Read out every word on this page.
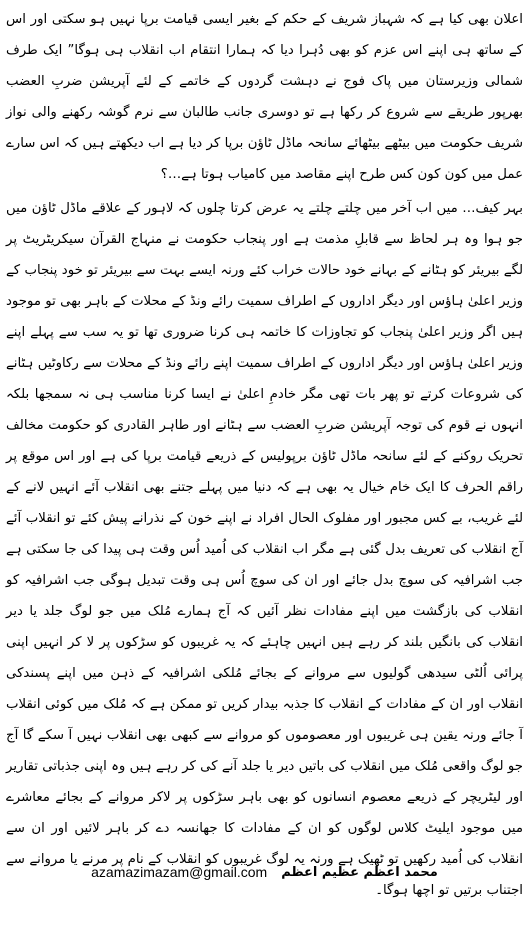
اعلان بھی کیا ہے کہ شہباز شریف کے حکم کے بغیر ایسی قیامت برپا نہیں ہو سکتی اور اس کے ساتھ ہی اپنے اس عزم کو بھی دُہرا دیا کہ ہمارا انتقام اب انقلاب ہی ہوگا” ایک طرف شمالی وزیرستان میں پاک فوج نے دہشت گردوں کے خاتمے کے لئے آپریشن ضربِ العضب بھرپور طریقے سے شروع کر رکھا ہے تو دوسری جانب طالبان سے نرم گوشہ رکھنے والی نواز شریف حکومت میں بیٹھے بیٹھائے سانحہ ماڈل ٹاؤن برپا کر دیا ہے اب دیکھتے ہیں کہ اس سارے عمل میں کون کون کس طرح اپنے مقاصد میں کامیاب ہوتا ہے…؟

بہر کیف… میں اب آخر میں چلتے چلتے یہ عرض کرتا چلوں کہ لاہور کے علاقے ماڈل ٹاؤن میں جو ہوا وہ ہر لحاظ سے قابلِ مذمت ہے اور پنجاب حکومت نے منہاج القرآن سیکریٹریٹ پر لگے بیریئر کو ہٹانے کے بہانے خود حالات خراب کئے ورنہ ایسے بہت سے بیریئر تو خود پنجاب کے وزیر اعلیٰ ہاؤس اور دیگر اداروں کے اطراف سمیت رائے ونڈ کے محلات کے باہر بھی تو موجود ہیں اگر وزیر اعلیٰ پنجاب کو تجاوزات کا خاتمہ ہی کرنا ضروری تھا تو یہ سب سے پہلے اپنے وزیر اعلیٰ ہاؤس اور دیگر اداروں کے اطراف سمیت اپنے رائے ونڈ کے محلات سے رکاوٹیں ہٹانے کی شروعات کرتے تو پھر بات تھی مگر خادمِ اعلیٰ نے ایسا کرنا مناسب ہی نہ سمجھا بلکہ انہوں نے قوم کی توجہ آپریشن ضربِ العضب سے ہٹانے اور طاہر القادری کو حکومت مخالف تحریک روکنے کے لئے سانحہ ماڈل ٹاؤن برپولیس کے ذریعے قیامت برپا کی ہے اور اس موقع پر راقم الحرف کا ایک خام خیال یہ بھی ہے کہ دنیا میں پہلے جتنے بھی انقلاب آئے انہیں لانے کے لئے غریب، بے کس مجبور اور مفلوک الحال افراد نے اپنے خون کے نذرانے پیش کئے تو انقلاب آئے آج انقلاب کی تعریف بدل گئی ہے مگر اب انقلاب کی اُمید اُس وقت ہی پیدا کی جا سکتی ہے جب اشرافیہ کی سوچ بدل جائے اور ان کی سوچ اُس ہی وقت تبدیل ہوگی جب اشرافیہ کو انقلاب کی بازگشت میں اپنے مفادات نظر آئیں کہ آج ہمارے مُلک میں جو لوگ جلد یا دیر انقلاب کی بانگیں بلند کر رہے ہیں انہیں چاہئے کہ یہ غریبوں کو سڑکوں پر لا کر انہیں اپنی پرائی اُلٹی سیدھی گولیوں سے مروانے کے بجائے مُلکی اشرافیہ کے ذہن میں اپنے پسندکی انقلاب اور ان کے مفادات کے انقلاب کا جذبہ بیدار کریں تو ممکن ہے کہ مُلک میں کوئی انقلاب آ جائے ورنہ یقین ہی غریبوں اور معصوموں کو مروانے سے کبھی بھی انقلاب نہیں آ سکے گا آج جو لوگ واقعی مُلک میں انقلاب کی باتیں دیر یا جلد آنے کی کر رہے ہیں وہ اپنی جذباتی تقاریر اور لیٹریچر کے ذریعے معصوم انسانوں کو بھی باہر سڑکوں پر لاکر مروانے کے بجائے معاشرے میں موجود ایلیٹ کلاس لوگوں کو ان کے مفادات کا جھانسہ دے کر باہر لائیں اور ان سے انقلاب کی اُمید رکھیں تو ٹھیک ہے ورنہ یہ لوگ غریبوں کو انقلاب کے نام پر مرنے یا مروانے سے اجتناب برتیں تو اچھا ہوگا۔

azamazimazam@gmail.com محمد اعظم عظیم اعظم
